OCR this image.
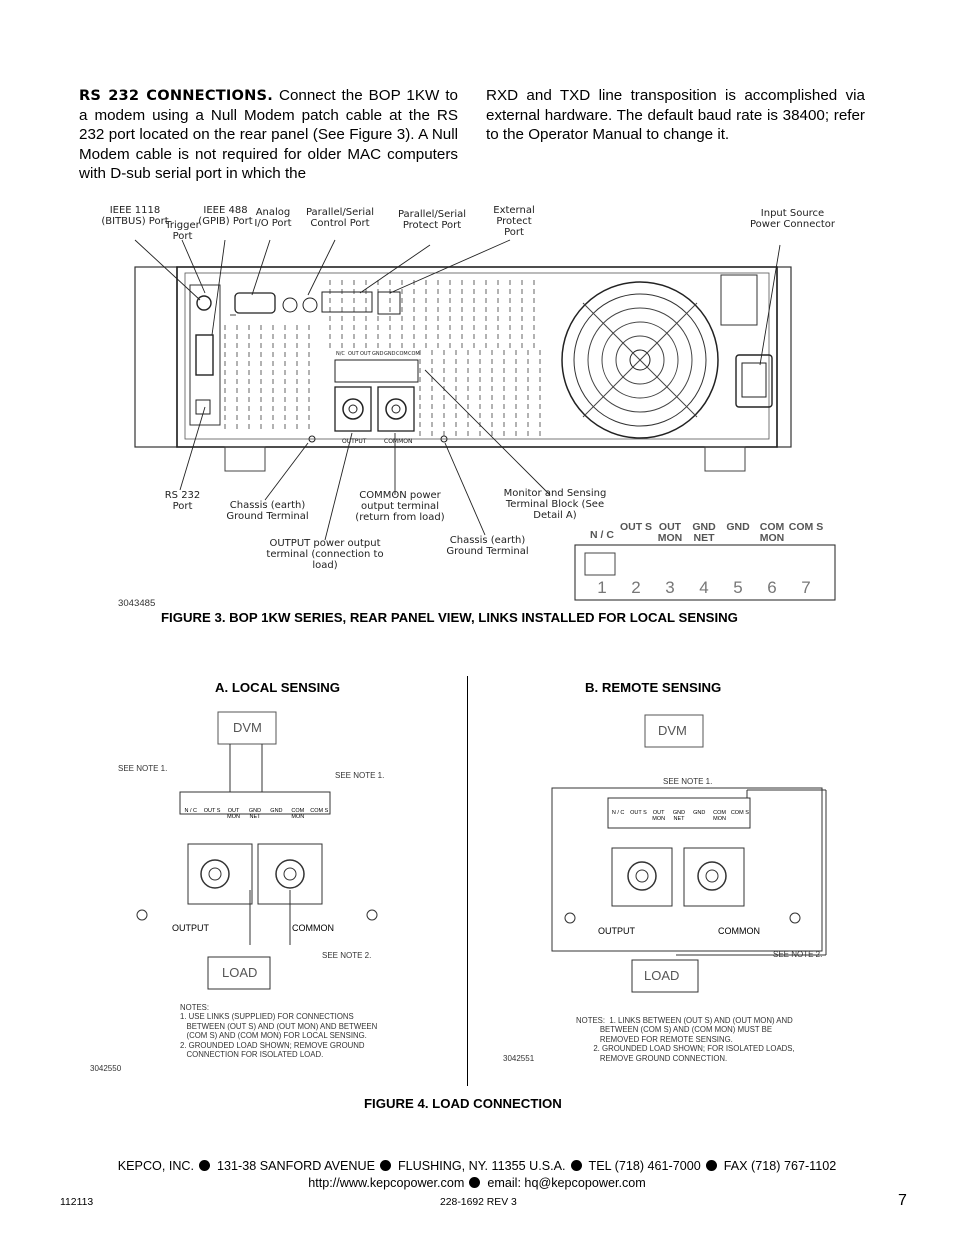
RS 232 CONNECTIONS. Connect the BOP 1KW to a modem using a Null Modem patch cable at the RS 232 port located on the rear panel (See Figure 3). A Null Modem cable is not required for older MAC computers with D-sub serial port in which the
RXD and TXD line transposition is accomplished via external hardware. The default baud rate is 38400; refer to the Operator Manual to change it.
N/C OUT OUT GND GND COM COM
OUTPUT	COMMON
IEEE 1118 (BITBUS) Port
Trigger Port
IEEE 488 (GPIB) Port
Analog I/O Port
Parallel/Serial Control Port
Parallel/Serial Protect Port
External Protect Port
Input Source Power Connector
RS 232 Port	Chassis (earth) Ground Terminal
COMMON power output terminal (return from load)
OUTPUT power output terminal (connection to load)
Chassis (earth) Ground Terminal
Monitor and Sensing Terminal Block (See Detail A)
N / C
OUT S OUT MON
GND NET
GND COM MON
COM S
1	2	3	4	5	6	7
3043485
FIGURE 3. BOP 1KW SERIES, REAR PANEL VIEW, LINKS INSTALLED FOR LOCAL SENSING
A. LOCAL SENSING	B. REMOTE SENSING
DVM
LOAD
OUTPUT	COMMON
SEE NOTE 1.
SEE NOTE 1.
SEE NOTE 2.
N / C	OUT S	OUT MON
GND NET
GND	COM MON
COM S
NOTES:
1. USE LINKS (SUPPLIED) FOR CONNECTIONS
BETWEEN (OUT S) AND (OUT MON) AND BETWEEN
(COM S) AND (COM MON) FOR LOCAL SENSING.
2. GROUNDED LOAD SHOWN; REMOVE GROUND
CONNECTION FOR ISOLATED LOAD.
3042550
DVM
LOAD
OUTPUT	COMMON
SEE NOTE 1.
SEE NOTE 2.
N / C	OUT S	OUT MON
GND NET
GND	COM MON
COM S
NOTES:  1. LINKS BETWEEN (OUT S) AND (OUT MON) AND
BETWEEN (COM S) AND (COM MON) MUST BE
REMOVED FOR REMOTE SENSING.
2. GROUNDED LOAD SHOWN; FOR ISOLATED LOADS,
REMOVE GROUND CONNECTION.
3042551
FIGURE 4. LOAD CONNECTION
KEPCO, INC. 131-38 SANFORD AVENUE FLUSHING, NY. 11355 U.S.A. TEL (718) 461-7000 FAX (718) 767-1102
http://www.kepcopower.com email: hq@kepcopower.com
112113	228-1692 REV 3	7
